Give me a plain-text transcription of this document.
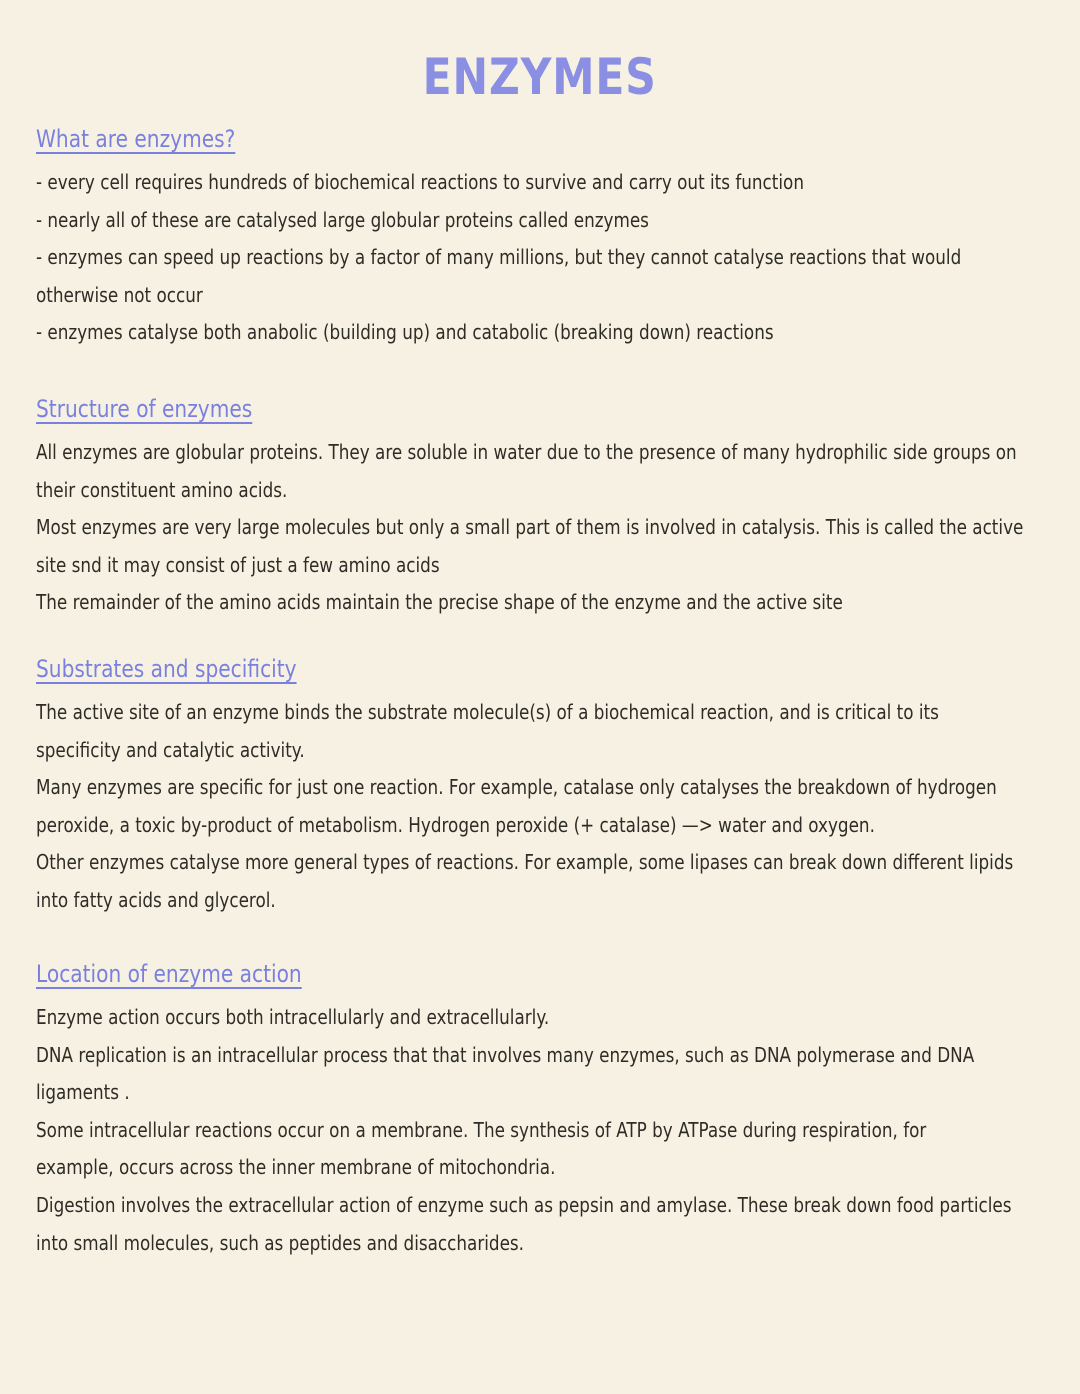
ENZYMES
What are enzymes?
- every cell requires hundreds of biochemical reactions to survive and carry out its function
- nearly all of these are catalysed large globular proteins called enzymes
- enzymes can speed up reactions by a factor of many millions, but they cannot catalyse reactions that would
otherwise not occur
- enzymes catalyse both anabolic (building up) and catabolic (breaking down) reactions
Structure of enzymes
All enzymes are globular proteins. They are soluble in water due to the presence of many hydrophilic side groups on
their constituent amino acids.
Most enzymes are very large molecules but only a small part of them is involved in catalysis. This is called the active
site snd it may consist of just a few amino acids
The remainder of the amino acids maintain the precise shape of the enzyme and the active site
Substrates and specificity
The active site of an enzyme binds the substrate molecule(s) of a biochemical reaction, and is critical to its
specificity and catalytic activity.
Many enzymes are specific for just one reaction. For example, catalase only catalyses the breakdown of hydrogen
peroxide, a toxic by-product of metabolism. Hydrogen peroxide (+ catalase) —> water and oxygen.
Other enzymes catalyse more general types of reactions. For example, some lipases can break down different lipids
into fatty acids and glycerol.
Location of enzyme action
Enzyme action occurs both intracellularly and extracellularly.
DNA replication is an intracellular process that that involves many enzymes, such as DNA polymerase and DNA
ligaments .
Some intracellular reactions occur on a membrane. The synthesis of ATP by ATPase during respiration, for
example, occurs across the inner membrane of mitochondria.
Digestion involves the extracellular action of enzyme such as pepsin and amylase. These break down food particles
into small molecules, such as peptides and disaccharides.
